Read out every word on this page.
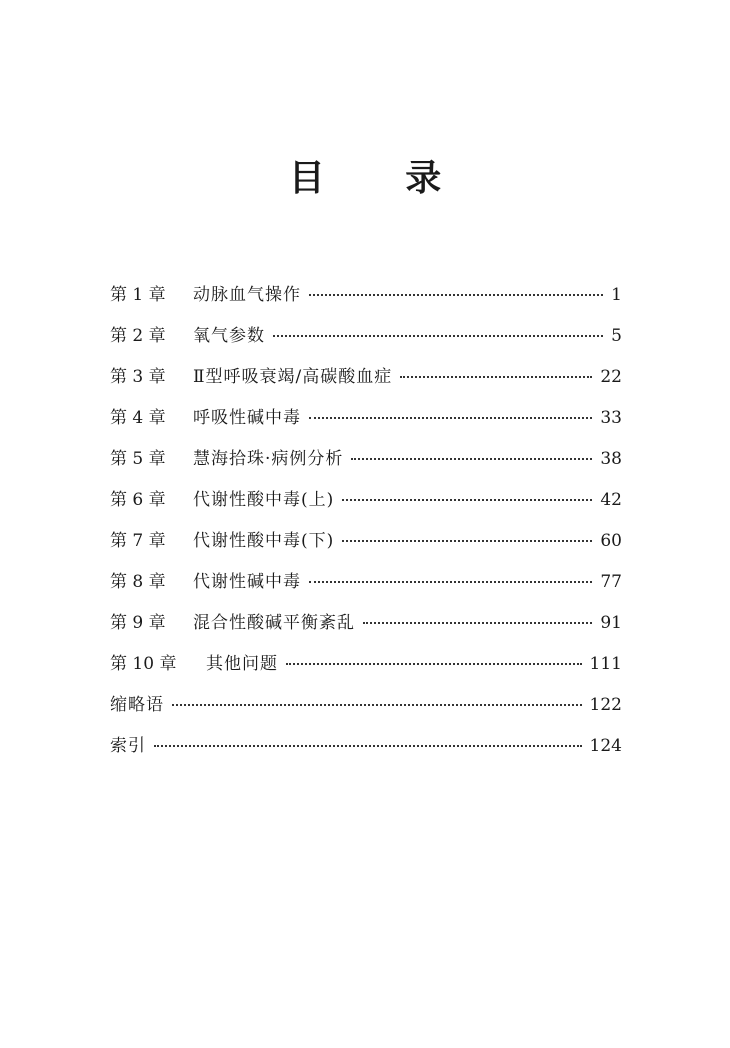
目 录
第 1 章	动脉血气操作	1
第 2 章	氧气参数	5
第 3 章	Ⅱ型呼吸衰竭/高碳酸血症	22
第 4 章	呼吸性碱中毒	33
第 5 章	慧海拾珠·病例分析	38
第 6 章	代谢性酸中毒(上)	42
第 7 章	代谢性酸中毒(下)	60
第 8 章	代谢性碱中毒	77
第 9 章	混合性酸碱平衡紊乱	91
第 10 章	其他问题	111
缩略语	122
索引	124
